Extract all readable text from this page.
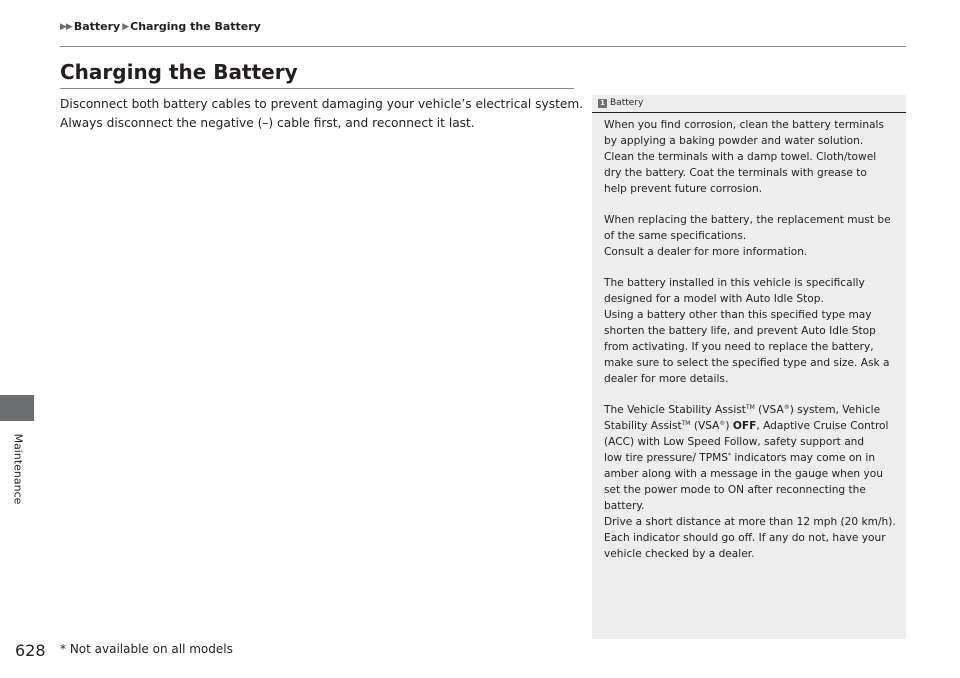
▶ ▶ Battery ▶ Charging the Battery
Maintenance
Charging the Battery

Disconnect both battery cables to prevent damaging your vehicle’s electrical system.

Always disconnect the negative (–) cable first, and reconnect it last.

1 Battery
When you find corrosion, clean the battery terminals
by applying a baking powder and water solution.
Clean the terminals with a damp towel. Cloth/towel
dry the battery. Coat the terminals with grease to
help prevent future corrosion.
When replacing the battery, the replacement must be
of the same specifications.
Consult a dealer for more information.
The battery installed in this vehicle is specifically
designed for a model with Auto Idle Stop.
Using a battery other than this specified type may
shorten the battery life, and prevent Auto Idle Stop
from activating. If you need to replace the battery,
make sure to select the specified type and size. Ask a
dealer for more details.
The Vehicle Stability Assist™ (VSA®) system, Vehicle
Stability Assist™ (VSA®) OFF, Adaptive Cruise Control
(ACC) with Low Speed Follow, safety support and
low tire pressure/ TPMS* indicators may come on in
amber along with a message in the gauge when you
set the power mode to ON after reconnecting the
battery.
Drive a short distance at more than 12 mph (20 km/h).
Each indicator should go off. If any do not, have your
vehicle checked by a dealer.
628 * Not available on all models
